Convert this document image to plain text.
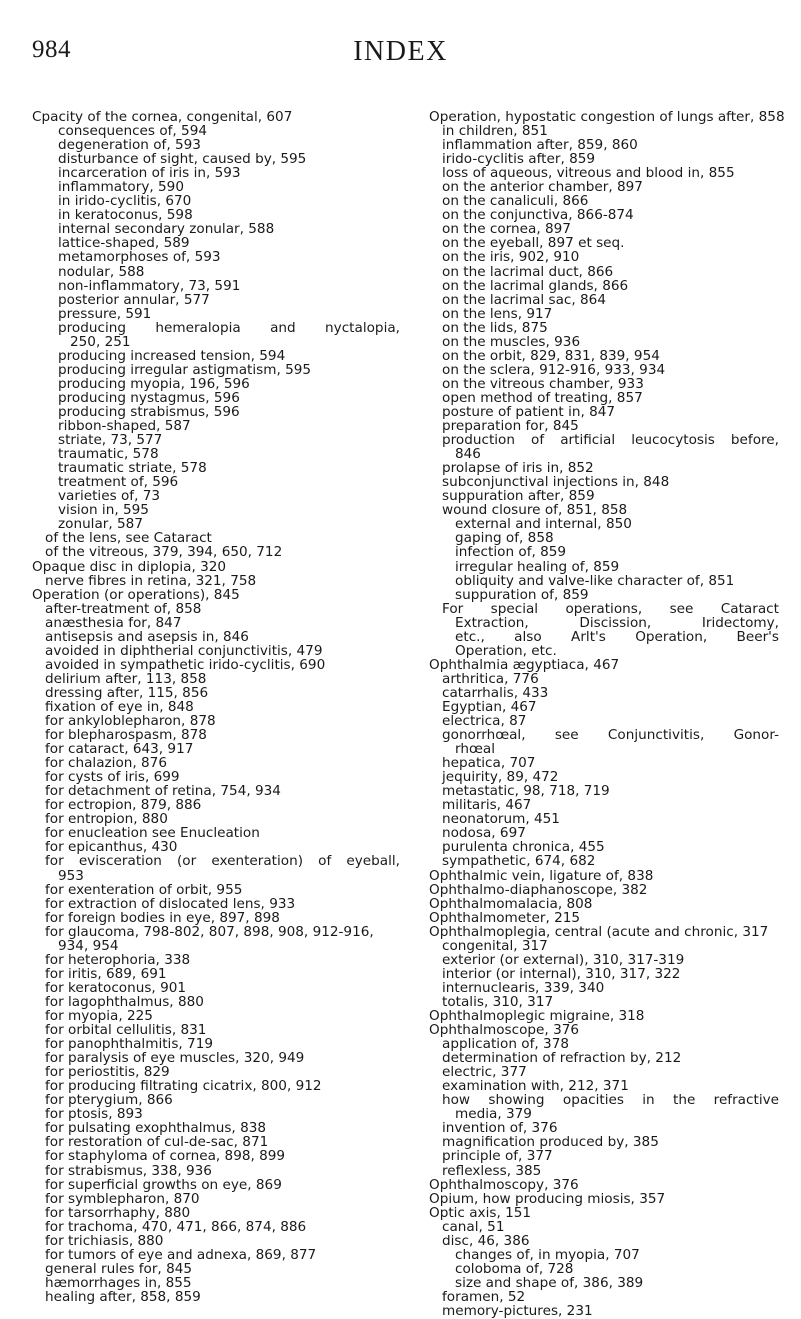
984	INDEX
Cpacity of the cornea, congenital, 607
consequences of, 594
degeneration of, 593
disturbance of sight, caused by, 595
incarceration of iris in, 593
inflammatory, 590
in irido-cyclitis, 670
in keratoconus, 598
internal secondary zonular, 588
lattice-shaped, 589
metamorphoses of, 593
nodular, 588
non-inflammatory, 73, 591
posterior annular, 577
pressure, 591
producing hemeralopia and nyctalopia,
250, 251
producing increased tension, 594
producing irregular astigmatism, 595
producing myopia, 196, 596
producing nystagmus, 596
producing strabismus, 596
ribbon-shaped, 587
striate, 73, 577
traumatic, 578
traumatic striate, 578
treatment of, 596
varieties of, 73
vision in, 595
zonular, 587
of the lens, see Cataract
of the vitreous, 379, 394, 650, 712
Opaque disc in diplopia, 320
nerve fibres in retina, 321, 758
Operation (or operations), 845
after-treatment of, 858
anæsthesia for, 847
antisepsis and asepsis in, 846
avoided in diphtherial conjunctivitis, 479
avoided in sympathetic irido-cyclitis, 690
delirium after, 113, 858
dressing after, 115, 856
fixation of eye in, 848
for ankyloblepharon, 878
for blepharospasm, 878
for cataract, 643, 917
for chalazion, 876
for cysts of iris, 699
for detachment of retina, 754, 934
for ectropion, 879, 886
for entropion, 880
for enucleation see Enucleation
for epicanthus, 430
for evisceration (or exenteration) of eyeball,
953
for exenteration of orbit, 955
for extraction of dislocated lens, 933
for foreign bodies in eye, 897, 898
for glaucoma, 798-802, 807, 898, 908, 912-916,
934, 954
for heterophoria, 338
for iritis, 689, 691
for keratoconus, 901
for lagophthalmus, 880
for myopia, 225
for orbital cellulitis, 831
for panophthalmitis, 719
for paralysis of eye muscles, 320, 949
for periostitis, 829
for producing filtrating cicatrix, 800, 912
for pterygium, 866
for ptosis, 893
for pulsating exophthalmus, 838
for restoration of cul-de-sac, 871
for staphyloma of cornea, 898, 899
for strabismus, 338, 936
for superficial growths on eye, 869
for symblepharon, 870
for tarsorrhaphy, 880
for trachoma, 470, 471, 866, 874, 886
for trichiasis, 880
for tumors of eye and adnexa, 869, 877
general rules for, 845
hæmorrhages in, 855
healing after, 858, 859
Operation, hypostatic congestion of lungs after, 858
in children, 851
inflammation after, 859, 860
irido-cyclitis after, 859
loss of aqueous, vitreous and blood in, 855
on the anterior chamber, 897
on the canaliculi, 866
on the conjunctiva, 866-874
on the cornea, 897
on the eyeball, 897 et seq.
on the iris, 902, 910
on the lacrimal duct, 866
on the lacrimal glands, 866
on the lacrimal sac, 864
on the lens, 917
on the lids, 875
on the muscles, 936
on the orbit, 829, 831, 839, 954
on the sclera, 912-916, 933, 934
on the vitreous chamber, 933
open method of treating, 857
posture of patient in, 847
preparation for, 845
production of artificial leucocytosis before,
846
prolapse of iris in, 852
subconjunctival injections in, 848
suppuration after, 859
wound closure of, 851, 858
external and internal, 850
gaping of, 858
infection of, 859
irregular healing of, 859
obliquity and valve-like character of, 851
suppuration of, 859
For special operations, see Cataract
Extraction, Discission, Iridectomy,
etc., also Arlt's Operation, Beer's
Operation, etc.
Ophthalmia ægyptiaca, 467
arthritica, 776
catarrhalis, 433
Egyptian, 467
electrica, 87
gonorrhœal, see Conjunctivitis, Gonor-
rhœal
hepatica, 707
jequirity, 89, 472
metastatic, 98, 718, 719
militaris, 467
neonatorum, 451
nodosa, 697
purulenta chronica, 455
sympathetic, 674, 682
Ophthalmic vein, ligature of, 838
Ophthalmo-diaphanoscope, 382
Ophthalmomalacia, 808
Ophthalmometer, 215
Ophthalmoplegia, central (acute and chronic, 317
congenital, 317
exterior (or external), 310, 317-319
interior (or internal), 310, 317, 322
internuclearis, 339, 340
totalis, 310, 317
Ophthalmoplegic migraine, 318
Ophthalmoscope, 376
application of, 378
determination of refraction by, 212
electric, 377
examination with, 212, 371
how showing opacities in the refractive
media, 379
invention of, 376
magnification produced by, 385
principle of, 377
reflexless, 385
Ophthalmoscopy, 376
Opium, how producing miosis, 357
Optic axis, 151
canal, 51
disc, 46, 386
changes of, in myopia, 707
coloboma of, 728
size and shape of, 386, 389
foramen, 52
memory-pictures, 231
